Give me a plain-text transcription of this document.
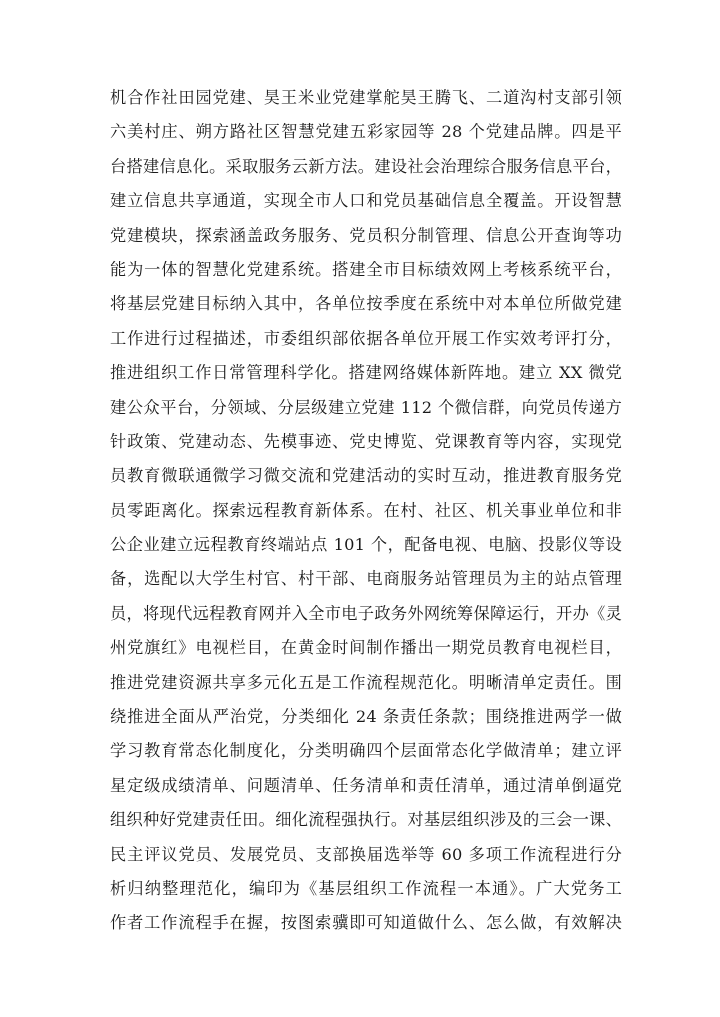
机合作社田园党建、昊王米业党建掌舵昊王腾飞、二道沟村支部引领
六美村庄、朔方路社区智慧党建五彩家园等 28 个党建品牌。四是平
台搭建信息化。采取服务云新方法。建设社会治理综合服务信息平台，
建立信息共享通道，实现全市人口和党员基础信息全覆盖。开设智慧
党建模块，探索涵盖政务服务、党员积分制管理、信息公开查询等功
能为一体的智慧化党建系统。搭建全市目标绩效网上考核系统平台，
将基层党建目标纳入其中，各单位按季度在系统中对本单位所做党建
工作进行过程描述，市委组织部依据各单位开展工作实效考评打分，
推进组织工作日常管理科学化。搭建网络媒体新阵地。建立 XX 微党
建公众平台，分领域、分层级建立党建 112 个微信群，向党员传递方
针政策、党建动态、先模事迹、党史博览、党课教育等内容，实现党
员教育微联通微学习微交流和党建活动的实时互动，推进教育服务党
员零距离化。探索远程教育新体系。在村、社区、机关事业单位和非
公企业建立远程教育终端站点 101 个，配备电视、电脑、投影仪等设
备，选配以大学生村官、村干部、电商服务站管理员为主的站点管理
员，将现代远程教育网并入全市电子政务外网统筹保障运行，开办《灵
州党旗红》电视栏目，在黄金时间制作播出一期党员教育电视栏目，
推进党建资源共享多元化五是工作流程规范化。明晰清单定责任。围
绕推进全面从严治党，分类细化 24 条责任条款；围绕推进两学一做
学习教育常态化制度化，分类明确四个层面常态化学做清单；建立评
星定级成绩清单、问题清单、任务清单和责任清单，通过清单倒逼党
组织种好党建责任田。细化流程强执行。对基层组织涉及的三会一课、
民主评议党员、发展党员、支部换届选举等 60 多项工作流程进行分
析归纳整理范化，编印为《基层组织工作流程一本通》。广大党务工
作者工作流程手在握，按图索骥即可知道做什么、怎么做，有效解决
